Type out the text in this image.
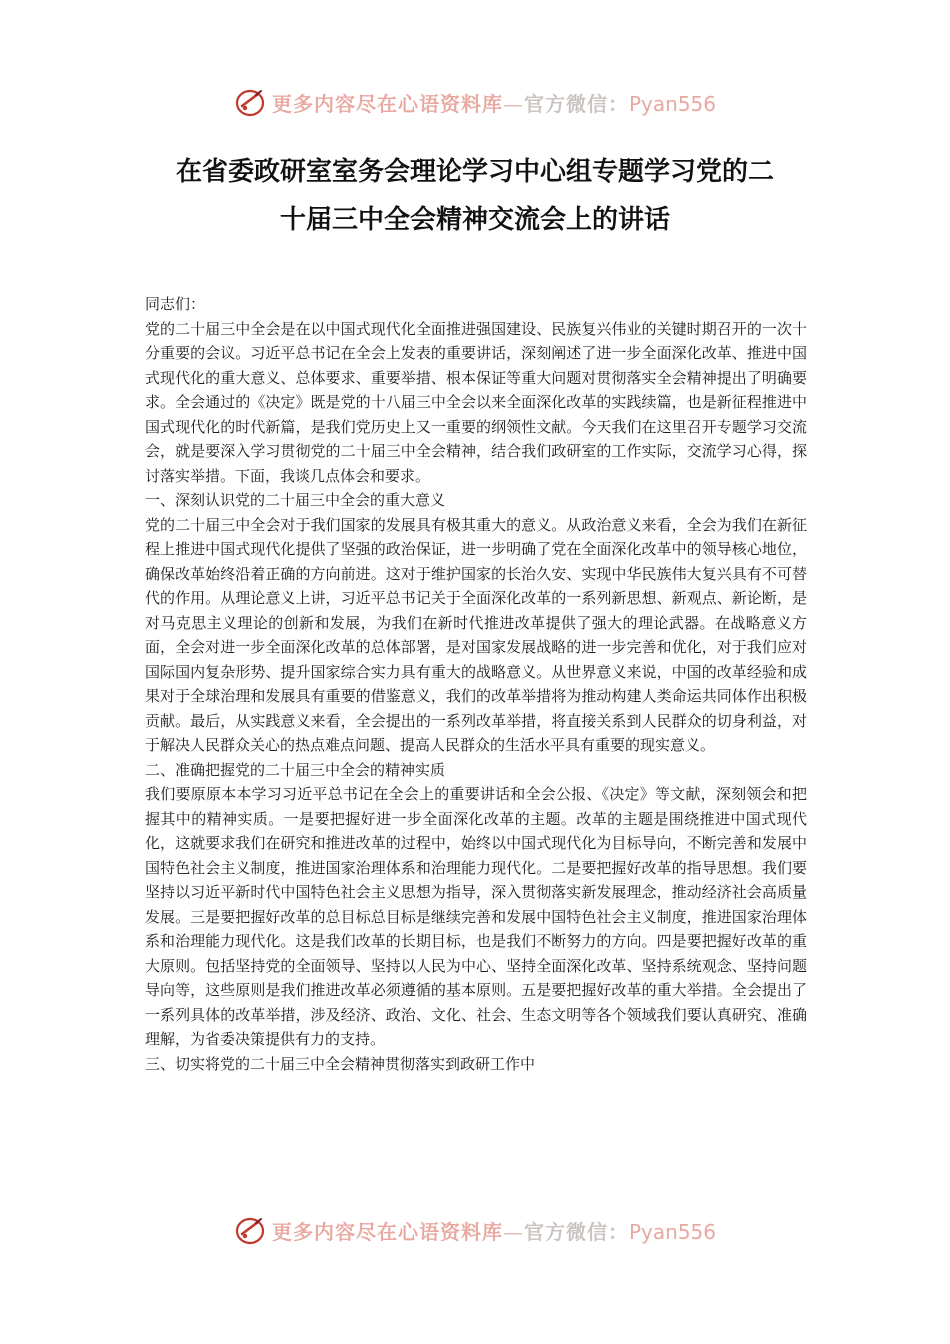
更多内容尽在心语资料库—官方微信：Pyan556
在省委政研室室务会理论学习中心组专题学习党的二
十届三中全会精神交流会上的讲话

同志们：

党的二十届三中全会是在以中国式现代化全面推进强国建设、民族复兴伟业的关键时期召开的一次十分重要的会议。习近平总书记在全会上发表的重要讲话，深刻阐述了进一步全面深化改革、推进中国式现代化的重大意义、总体要求、重要举措、根本保证等重大问题对贯彻落实全会精神提出了明确要求。全会通过的《决定》既是党的十八届三中全会以来全面深化改革的实践续篇，也是新征程推进中国式现代化的时代新篇，是我们党历史上又一重要的纲领性文献。今天我们在这里召开专题学习交流会，就是要深入学习贯彻党的二十届三中全会精神，结合我们政研室的工作实际，交流学习心得，探讨落实举措。下面，我谈几点体会和要求。

一、深刻认识党的二十届三中全会的重大意义

党的二十届三中全会对于我们国家的发展具有极其重大的意义。从政治意义来看，全会为我们在新征程上推进中国式现代化提供了坚强的政治保证，进一步明确了党在全面深化改革中的领导核心地位，确保改革始终沿着正确的方向前进。这对于维护国家的长治久安、实现中华民族伟大复兴具有不可替代的作用。从理论意义上讲，习近平总书记关于全面深化改革的一系列新思想、新观点、新论断，是对马克思主义理论的创新和发展，为我们在新时代推进改革提供了强大的理论武器。在战略意义方面，全会对进一步全面深化改革的总体部署，是对国家发展战略的进一步完善和优化，对于我们应对国际国内复杂形势、提升国家综合实力具有重大的战略意义。从世界意义来说，中国的改革经验和成果对于全球治理和发展具有重要的借鉴意义，我们的改革举措将为推动构建人类命运共同体作出积极贡献。最后，从实践意义来看，全会提出的一系列改革举措，将直接关系到人民群众的切身利益，对于解决人民群众关心的热点难点问题、提高人民群众的生活水平具有重要的现实意义。

二、准确把握党的二十届三中全会的精神实质

我们要原原本本学习习近平总书记在全会上的重要讲话和全会公报、《决定》等文献，深刻领会和把握其中的精神实质。一是要把握好进一步全面深化改革的主题。改革的主题是围绕推进中国式现代化，这就要求我们在研究和推进改革的过程中，始终以中国式现代化为目标导向，不断完善和发展中国特色社会主义制度，推进国家治理体系和治理能力现代化。二是要把握好改革的指导思想。我们要坚持以习近平新时代中国特色社会主义思想为指导，深入贯彻落实新发展理念，推动经济社会高质量发展。三是要把握好改革的总目标总目标是继续完善和发展中国特色社会主义制度，推进国家治理体系和治理能力现代化。这是我们改革的长期目标，也是我们不断努力的方向。四是要把握好改革的重大原则。包括坚持党的全面领导、坚持以人民为中心、坚持全面深化改革、坚持系统观念、坚持问题导向等，这些原则是我们推进改革必须遵循的基本原则。五是要把握好改革的重大举措。全会提出了一系列具体的改革举措，涉及经济、政治、文化、社会、生态文明等各个领域我们要认真研究、准确理解，为省委决策提供有力的支持。

三、切实将党的二十届三中全会精神贯彻落实到政研工作中

更多内容尽在心语资料库—官方微信：Pyan556
